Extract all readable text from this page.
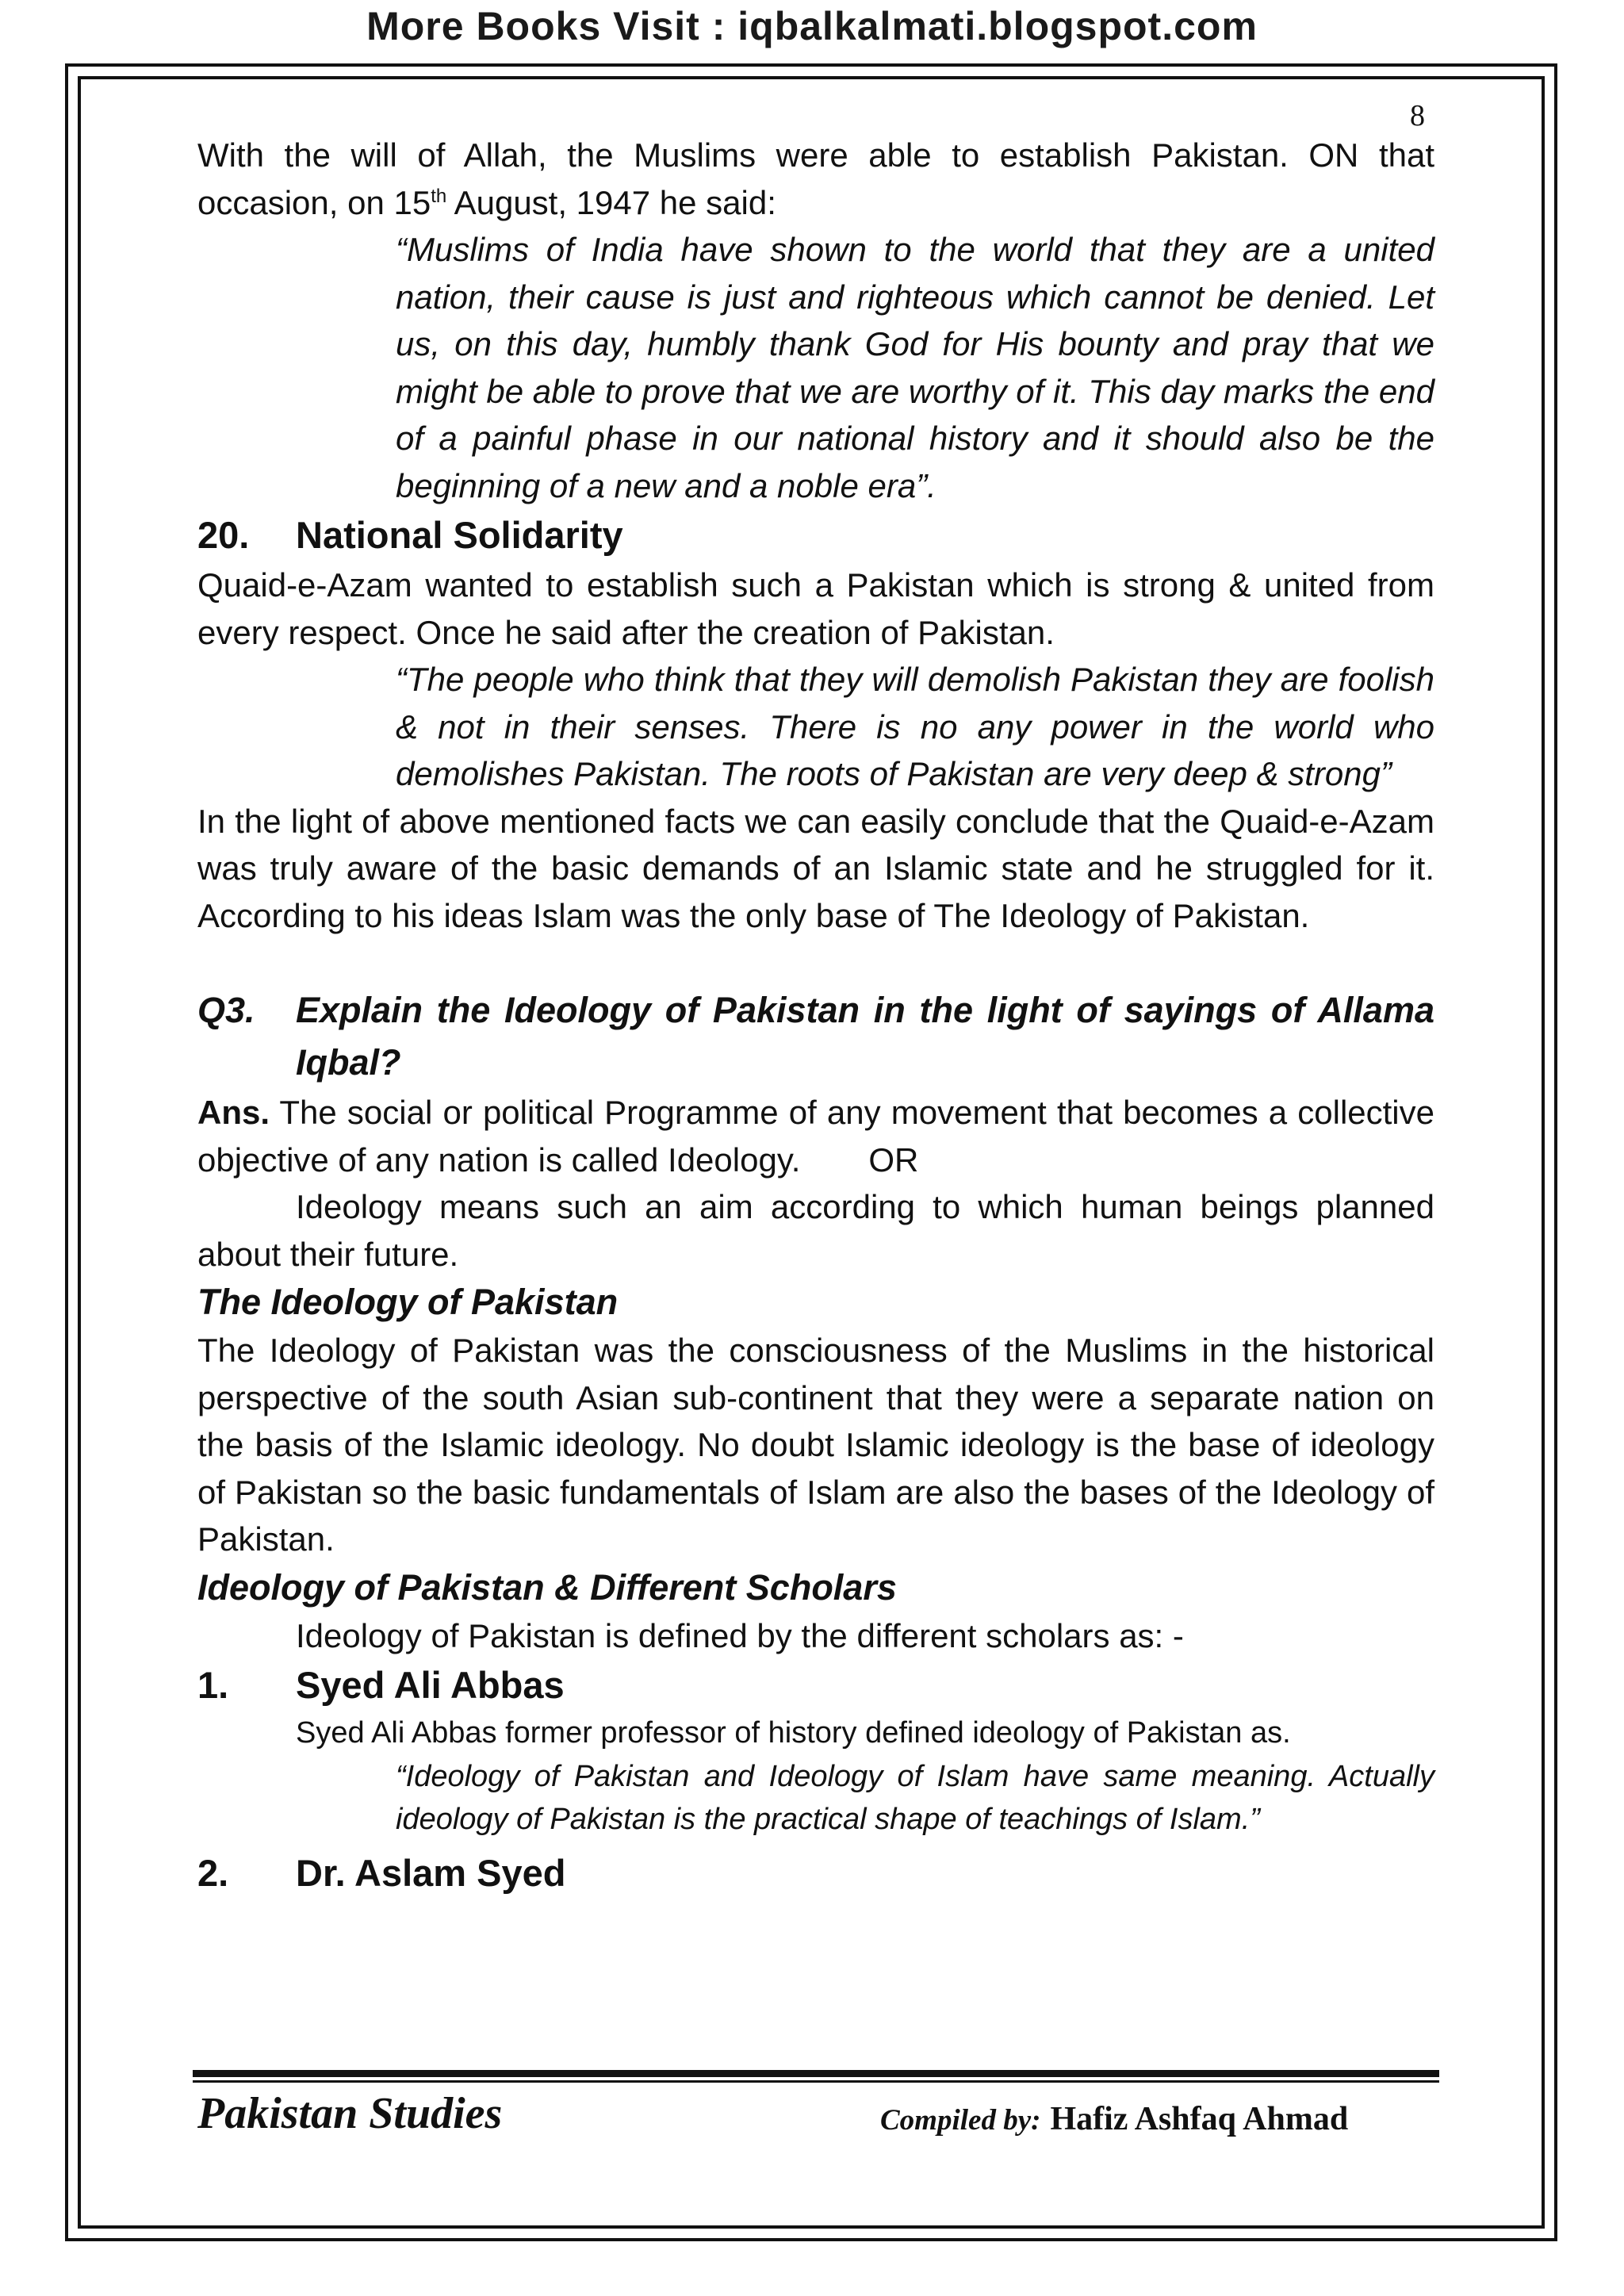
More Books Visit : iqbalkalmati.blogspot.com
8

With the will of Allah, the Muslims were able to establish Pakistan. ON that occasion, on 15th August, 1947 he said:

“Muslims of India have shown to the world that they are a united nation, their cause is just and righteous which cannot be denied. Let us, on this day, humbly thank God for His bounty and pray that we might be able to prove that we are worthy of it. This day marks the end of a painful phase in our national history and it should also be the beginning of a new and a noble era”.

20. National Solidarity

Quaid-e-Azam wanted to establish such a Pakistan which is strong & united from every respect. Once he said after the creation of Pakistan.

“The people who think that they will demolish Pakistan they are foolish & not in their senses. There is no any power in the world who demolishes Pakistan. The roots of Pakistan are very deep & strong”

In the light of above mentioned facts we can easily conclude that the Quaid-e-Azam was truly aware of the basic demands of an Islamic state and he struggled for it. According to his ideas Islam was the only base of The Ideology of Pakistan.

Q3.	Explain the Ideology of Pakistan in the light of sayings of Allama Iqbal?

Ans. The social or political Programme of any movement that becomes a collective objective of any nation is called Ideology. OR

Ideology means such an aim according to which human beings planned about their future.

The Ideology of Pakistan

The Ideology of Pakistan was the consciousness of the Muslims in the historical perspective of the south Asian sub-continent that they were a separate nation on the basis of the Islamic ideology. No doubt Islamic ideology is the base of ideology of Pakistan so the basic fundamentals of Islam are also the bases of the Ideology of Pakistan.

Ideology of Pakistan & Different Scholars

Ideology of Pakistan is defined by the different scholars as: -

1. Syed Ali Abbas

Syed Ali Abbas former professor of history defined ideology of Pakistan as.

“Ideology of Pakistan and Ideology of Islam have same meaning. Actually ideology of Pakistan is the practical shape of teachings of Islam.”

2. Dr. Aslam Syed
Pakistan Studies	Compiled by: Hafiz Ashfaq Ahmad
